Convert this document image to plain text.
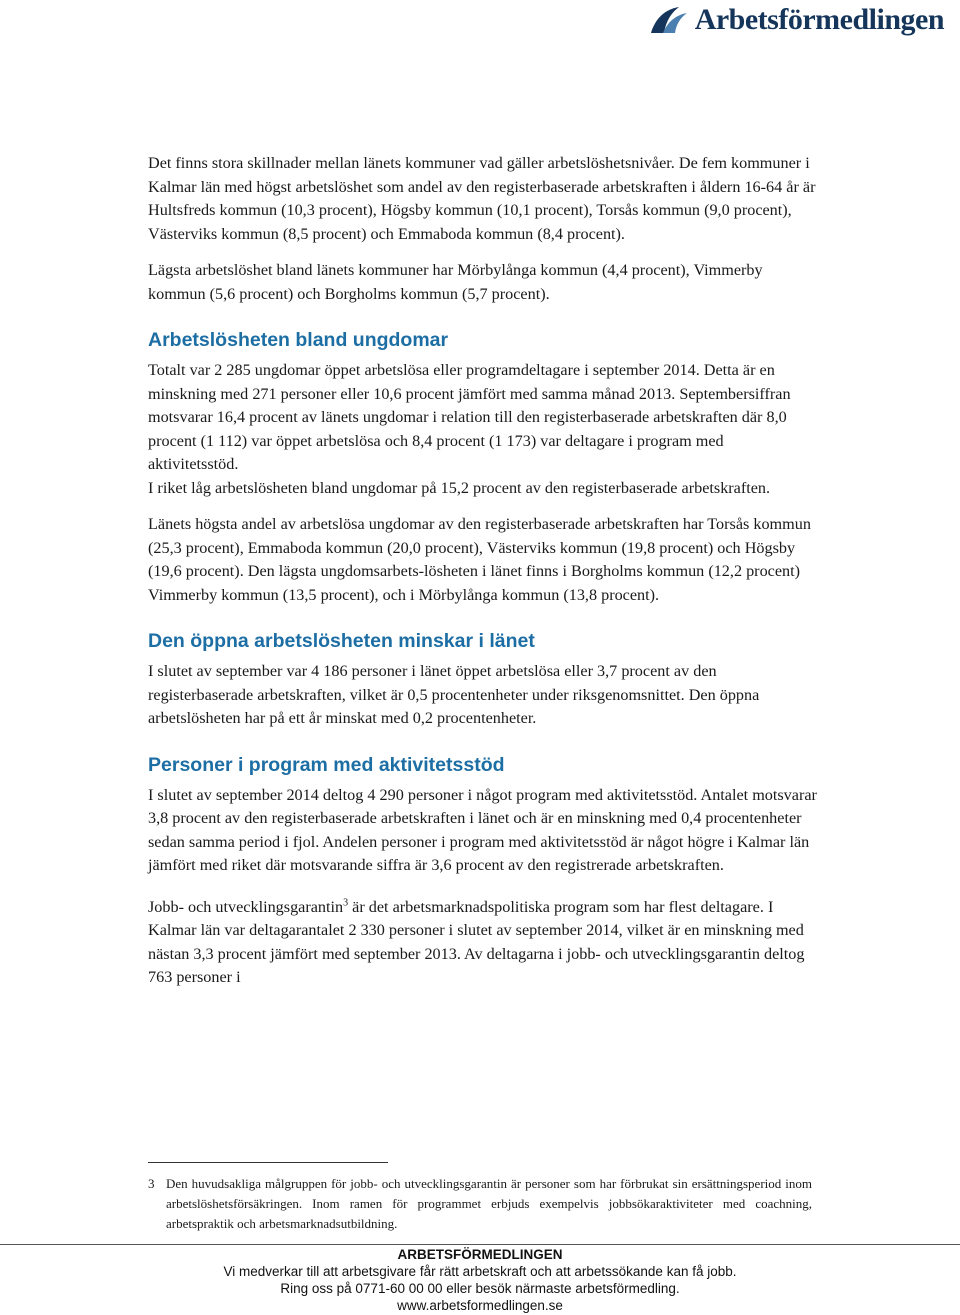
Arbetsförmedlingen

Det finns stora skillnader mellan länets kommuner vad gäller arbetslöshetsnivåer. De fem kommuner i Kalmar län med högst arbetslöshet som andel av den registerbaserade arbetskraften i åldern 16-64 år är Hultsfreds kommun (10,3 procent), Högsby kommun (10,1 procent), Torsås kommun (9,0 procent), Västerviks kommun (8,5 procent) och Emmaboda kommun (8,4 procent).

Lägsta arbetslöshet bland länets kommuner har Mörbylånga kommun (4,4 procent), Vimmerby kommun (5,6 procent) och Borgholms kommun (5,7 procent).

Arbetslösheten bland ungdomar

Totalt var 2 285 ungdomar öppet arbetslösa eller programdeltagare i september 2014. Detta är en minskning med 271 personer eller 10,6 procent jämfört med samma månad 2013. Septembersiffran motsvarar 16,4 procent av länets ungdomar i relation till den registerbaserade arbetskraften där 8,0 procent (1 112) var öppet arbetslösa och 8,4 procent (1 173) var deltagare i program med aktivitetsstöd.

I riket låg arbetslösheten bland ungdomar på 15,2 procent av den registerbaserade arbetskraften.

Länets högsta andel av arbetslösa ungdomar av den registerbaserade arbetskraften har Torsås kommun (25,3 procent), Emmaboda kommun (20,0 procent), Västerviks kommun (19,8 procent) och Högsby (19,6 procent). Den lägsta ungdomsarbets-lösheten i länet finns i Borgholms kommun (12,2 procent) Vimmerby kommun (13,5 procent), och i Mörbylånga kommun (13,8 procent).

Den öppna arbetslösheten minskar i länet

I slutet av september var 4 186 personer i länet öppet arbetslösa eller 3,7 procent av den registerbaserade arbetskraften, vilket är 0,5 procentenheter under riksgenomsnittet. Den öppna arbetslösheten har på ett år minskat med 0,2 procentenheter.

Personer i program med aktivitetsstöd

I slutet av september 2014 deltog 4 290 personer i något program med aktivitetsstöd. Antalet motsvarar 3,8 procent av den registerbaserade arbetskraften i länet och är en minskning med 0,4 procentenheter sedan samma period i fjol. Andelen personer i program med aktivitetsstöd är något högre i Kalmar län jämfört med riket där motsvarande siffra är 3,6 procent av den registrerade arbetskraften.

Jobb- och utvecklingsgarantin$^3$ är det arbetsmarknadspolitiska program som har flest deltagare. I Kalmar län var deltagarantalet 2 330 personer i slutet av september 2014, vilket är en minskning med nästan 3,3 procent jämfört med september 2013. Av deltagarna i jobb- och utvecklingsgarantin deltog 763 personer i

3 Den huvudsakliga målgruppen för jobb- och utvecklingsgarantin är personer som har förbrukat sin ersättningsperiod inom arbetslöshetsförsäkringen. Inom ramen för programmet erbjuds exempelvis jobbsökaraktiviteter med coachning, arbetspraktik och arbetsmarknadsutbildning.
ARBETSFÖRMEDLINGEN
Vi medverkar till att arbetsgivare får rätt arbetskraft och att arbetssökande kan få jobb.
Ring oss på 0771-60 00 00 eller besök närmaste arbetsförmedling.
www.arbetsformedlingen.se
